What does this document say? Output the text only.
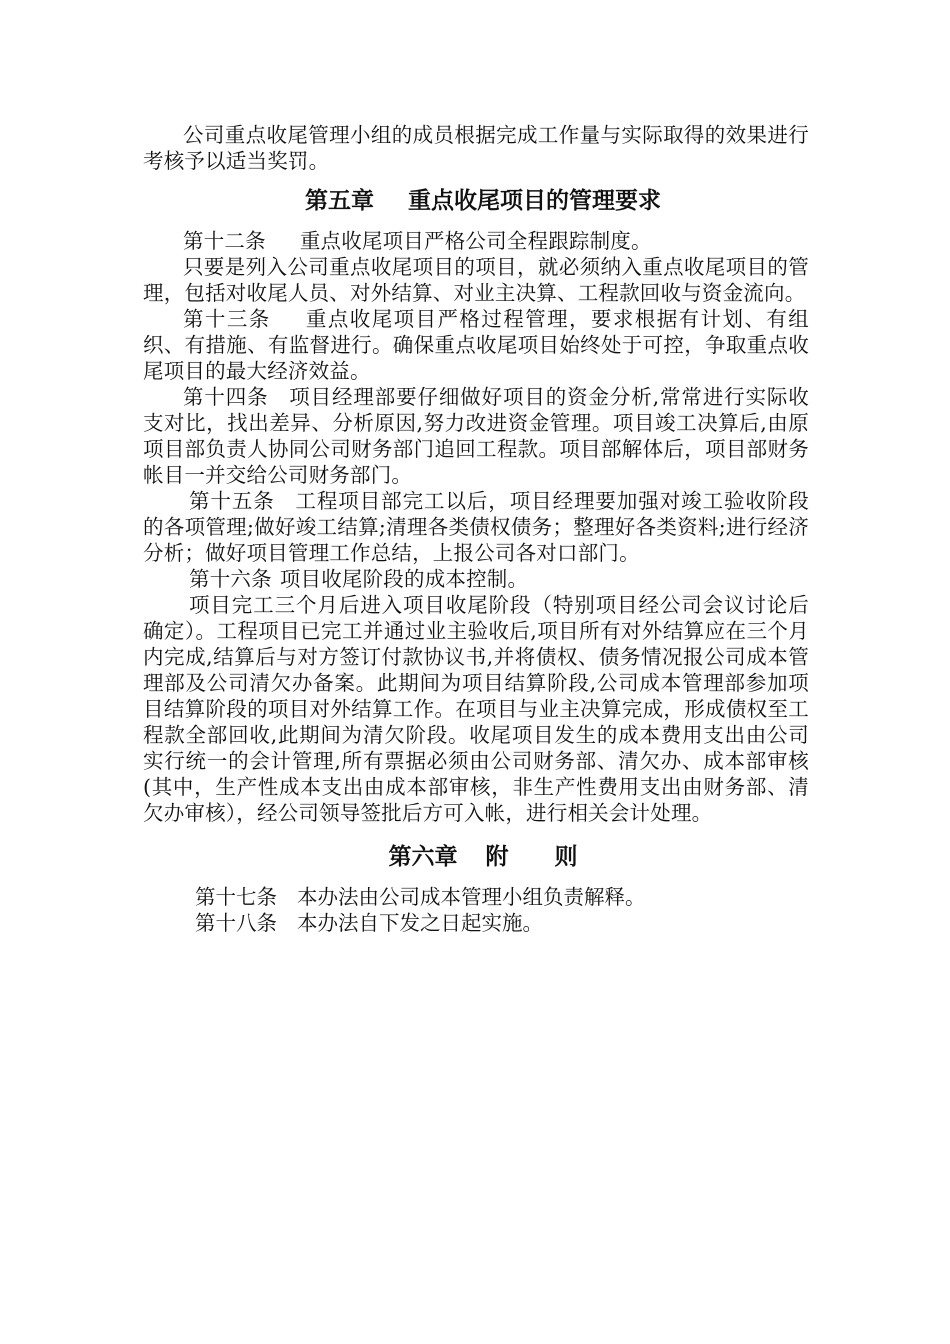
公司重点收尾管理小组的成员根据完成工作量与实际取得的效果进行考核予以适当奖罚。

第五章 重点收尾项目的管理要求

第十二条 重点收尾项目严格公司全程跟踪制度。

只要是列入公司重点收尾项目的项目，就必须纳入重点收尾项目的管理，包括对收尾人员、对外结算、对业主决算、工程款回收与资金流向。

第十三条 重点收尾项目严格过程管理，要求根据有计划、有组织、有措施、有监督进行。确保重点收尾项目始终处于可控，争取重点收尾项目的最大经济效益。

第十四条 项目经理部要仔细做好项目的资金分析,常常进行实际收支对比，找出差异、分析原因,努力改进资金管理。项目竣工决算后,由原项目部负责人协同公司财务部门追回工程款。项目部解体后，项目部财务帐目一并交给公司财务部门。

第十五条 工程项目部完工以后，项目经理要加强对竣工验收阶段的各项管理;做好竣工结算;清理各类债权债务；整理好各类资料;进行经济分析；做好项目管理工作总结，上报公司各对口部门。

第十六条 项目收尾阶段的成本控制。

项目完工三个月后进入项目收尾阶段（特别项目经公司会议讨论后确定）。工程项目已完工并通过业主验收后,项目所有对外结算应在三个月内完成,结算后与对方签订付款协议书,并将债权、债务情况报公司成本管理部及公司清欠办备案。此期间为项目结算阶段,公司成本管理部参加项目结算阶段的项目对外结算工作。在项目与业主决算完成，形成债权至工程款全部回收,此期间为清欠阶段。收尾项目发生的成本费用支出由公司实行统一的会计管理,所有票据必须由公司财务部、清欠办、成本部审核(其中，生产性成本支出由成本部审核，非生产性费用支出由财务部、清欠办审核），经公司领导签批后方可入帐，进行相关会计处理。

第六章 附　　则

第十七条 本办法由公司成本管理小组负责解释。

第十八条 本办法自下发之日起实施。
